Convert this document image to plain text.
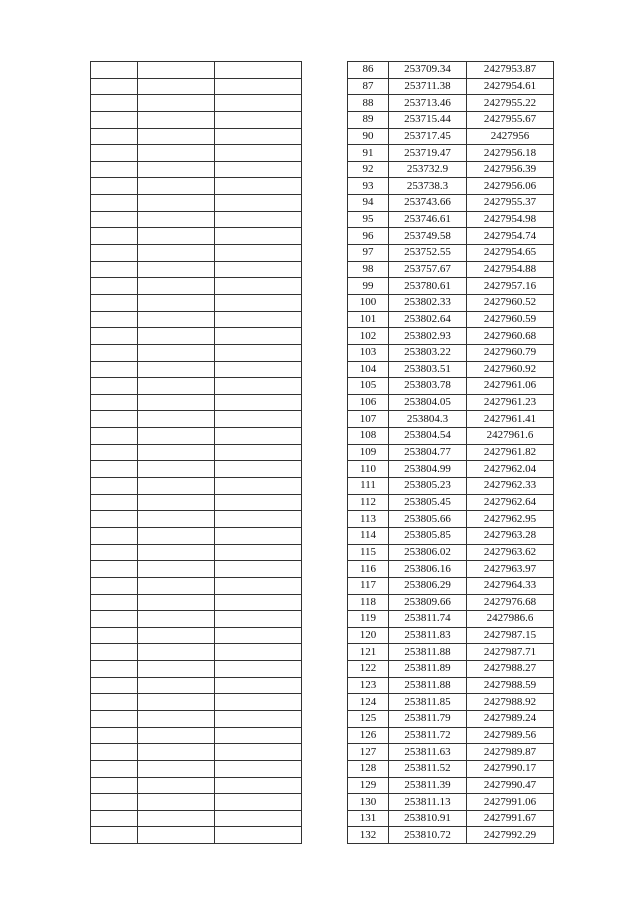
86	253709.34	2427953.87
87	253711.38	2427954.61
88	253713.46	2427955.22
89	253715.44	2427955.67
90	253717.45	2427956
91	253719.47	2427956.18
92	253732.9	2427956.39
93	253738.3	2427956.06
94	253743.66	2427955.37
95	253746.61	2427954.98
96	253749.58	2427954.74
97	253752.55	2427954.65
98	253757.67	2427954.88
99	253780.61	2427957.16
100	253802.33	2427960.52
101	253802.64	2427960.59
102	253802.93	2427960.68
103	253803.22	2427960.79
104	253803.51	2427960.92
105	253803.78	2427961.06
106	253804.05	2427961.23
107	253804.3	2427961.41
108	253804.54	2427961.6
109	253804.77	2427961.82
110	253804.99	2427962.04
111	253805.23	2427962.33
112	253805.45	2427962.64
113	253805.66	2427962.95
114	253805.85	2427963.28
115	253806.02	2427963.62
116	253806.16	2427963.97
117	253806.29	2427964.33
118	253809.66	2427976.68
119	253811.74	2427986.6
120	253811.83	2427987.15
121	253811.88	2427987.71
122	253811.89	2427988.27
123	253811.88	2427988.59
124	253811.85	2427988.92
125	253811.79	2427989.24
126	253811.72	2427989.56
127	253811.63	2427989.87
128	253811.52	2427990.17
129	253811.39	2427990.47
130	253811.13	2427991.06
131	253810.91	2427991.67
132	253810.72	2427992.29
